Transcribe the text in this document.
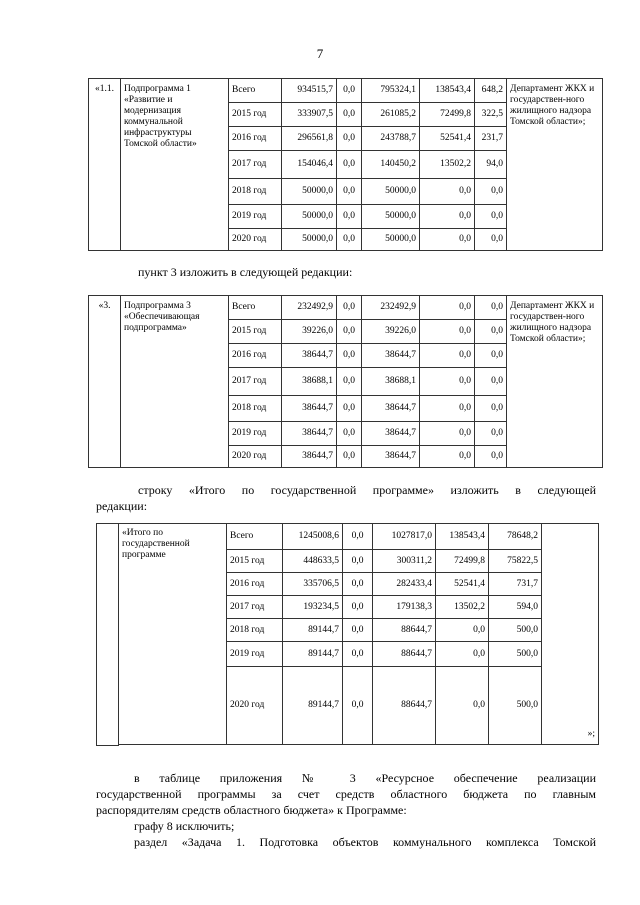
7
«1.1.	Подпрограмма 1 «Развитие и модернизация коммунальной инфраструктуры Томской области»	Всего	934515,7	0,0	795324,1	138543,4	648,2	Департамент ЖКХ и государствен-ного жилищного надзора Томской области»;
		2015 год	333907,5	0,0	261085,2	72499,8	322,5	
		2016 год	296561,8	0,0	243788,7	52541,4	231,7	
		2017 год	154046,4	0,0	140450,2	13502,2	94,0	
		2018 год	50000,0	0,0	50000,0	0,0	0,0	
		2019 год	50000,0	0,0	50000,0	0,0	0,0	
		2020 год	50000,0	0,0	50000,0	0,0	0,0	
пункт 3 изложить в следующей редакции:
«3.	Подпрограмма 3 «Обеспечивающая подпрограмма»	Всего	232492,9	0,0	232492,9	0,0	0,0	Департамент ЖКХ и государствен-ного жилищного надзора Томской области»;
		2015 год	39226,0	0,0	39226,0	0,0	0,0	
		2016 год	38644,7	0,0	38644,7	0,0	0,0	
		2017 год	38688,1	0,0	38688,1	0,0	0,0	
		2018 год	38644,7	0,0	38644,7	0,0	0,0	
		2019 год	38644,7	0,0	38644,7	0,0	0,0	
		2020 год	38644,7	0,0	38644,7	0,0	0,0	
строку «Итого по государственной программе» изложить в следующей
редакции:
«Итого по государственной программе	Всего	1245008,6	0,0	1027817,0	138543,4	78648,2	»;
	2015 год	448633,5	0,0	300311,2	72499,8	75822,5	
	2016 год	335706,5	0,0	282433,4	52541,4	731,7	
	2017 год	193234,5	0,0	179138,3	13502,2	594,0	
	2018 год	89144,7	0,0	88644,7	0,0	500,0	
	2019 год	89144,7	0,0	88644,7	0,0	500,0	
	2020 год	89144,7	0,0	88644,7	0,0	500,0	
в таблице приложения № 3 «Ресурсное обеспечение реализации
государственной программы за счет средств областного бюджета по главным
распорядителям средств областного бюджета» к Программе:
графу 8 исключить;
раздел «Задача 1. Подготовка объектов коммунального комплекса Томской
